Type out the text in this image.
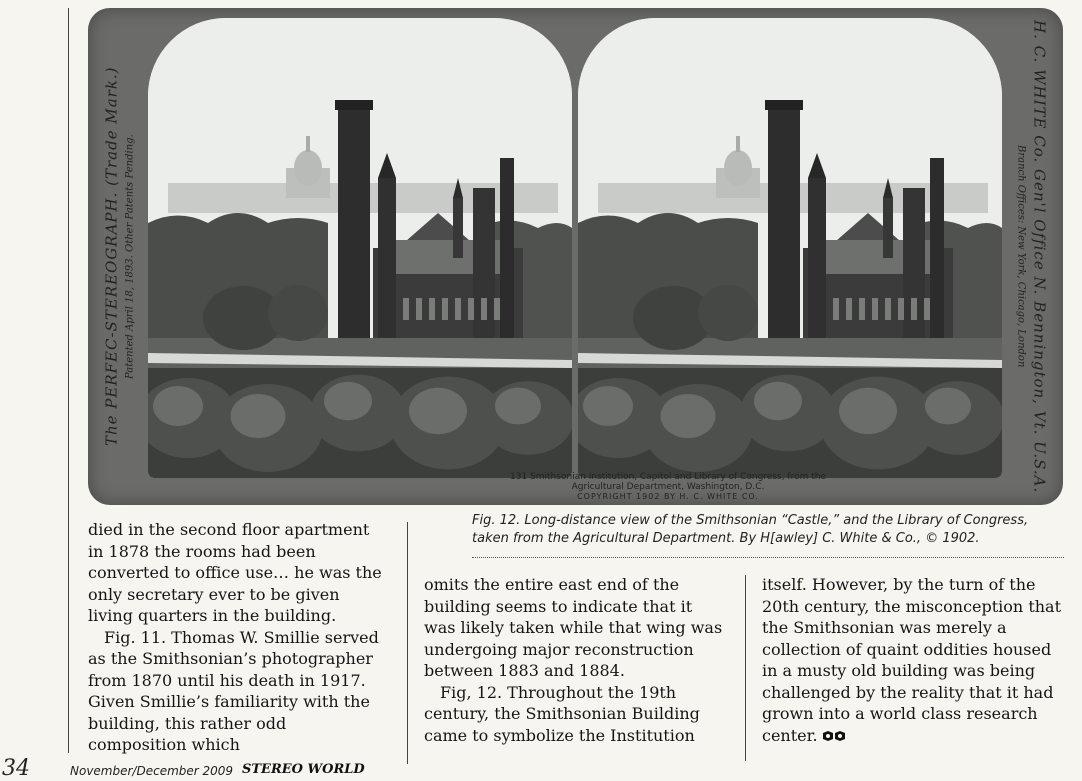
The PERFEC-STEREOGRAPH. (Trade Mark.) Patented April 18, 1893. Other Patents Pending.	H. C. WHITE Co. Gen'l Office N. Bennington, Vt. U.S.A.
Branch Offices: New York, Chicago, London
131 Smithsonian Institution, Capitol and Library of Congress, from the
Agricultural Department, Washington, D.C.
COPYRIGHT 1902 BY H. C. WHITE CO.
Fig. 12. Long-distance view of the Smithsonian “Castle,” and the Library of Congress, taken from the Agricultural Department. By H[awley] C. White & Co., © 1902.

died in the second floor apartment in 1878 the rooms had been converted to office use… he was the only secretary ever to be given living quarters in the building.

Fig. 11. Thomas W. Smillie served as the Smithsonian’s photographer from 1870 until his death in 1917. Given Smillie’s familiarity with the building, this rather odd composition which

omits the entire east end of the building seems to indicate that it was likely taken while that wing was undergoing major reconstruction between 1883 and 1884.

Fig, 12. Throughout the 19th century, the Smithsonian Building came to symbolize the Institution

itself. However, by the turn of the 20th century, the misconception that the Smithsonian was merely a collection of quaint oddities housed in a musty old building was being challenged by the reality that it had grown into a world class research center.

34	November/December 2009 STEREO WORLD
